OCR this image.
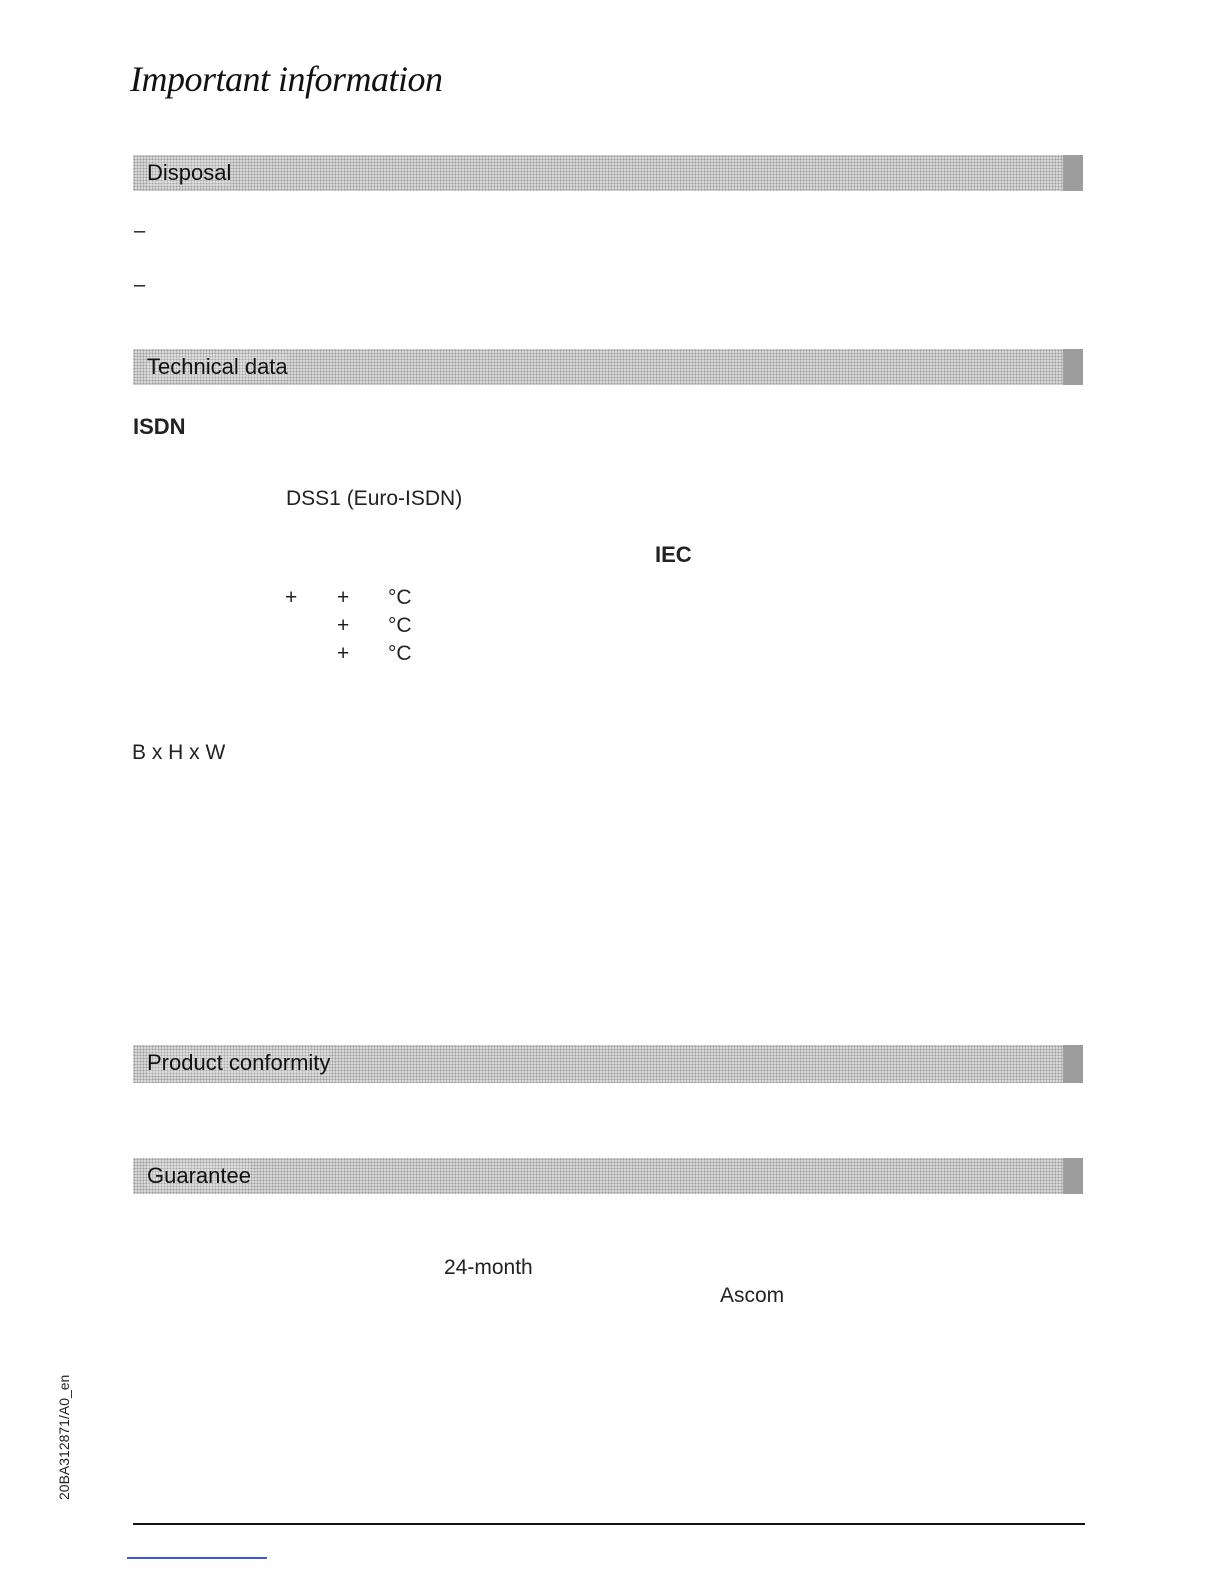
Important information
Disposal
–
–
Technical data
ISDN
DSS1 (Euro-ISDN)
IEC
+ + °C
+ °C
+ °C
B x H x W
Product conformity
Guarantee
24-month
Ascom
20BA312871/A0_en
